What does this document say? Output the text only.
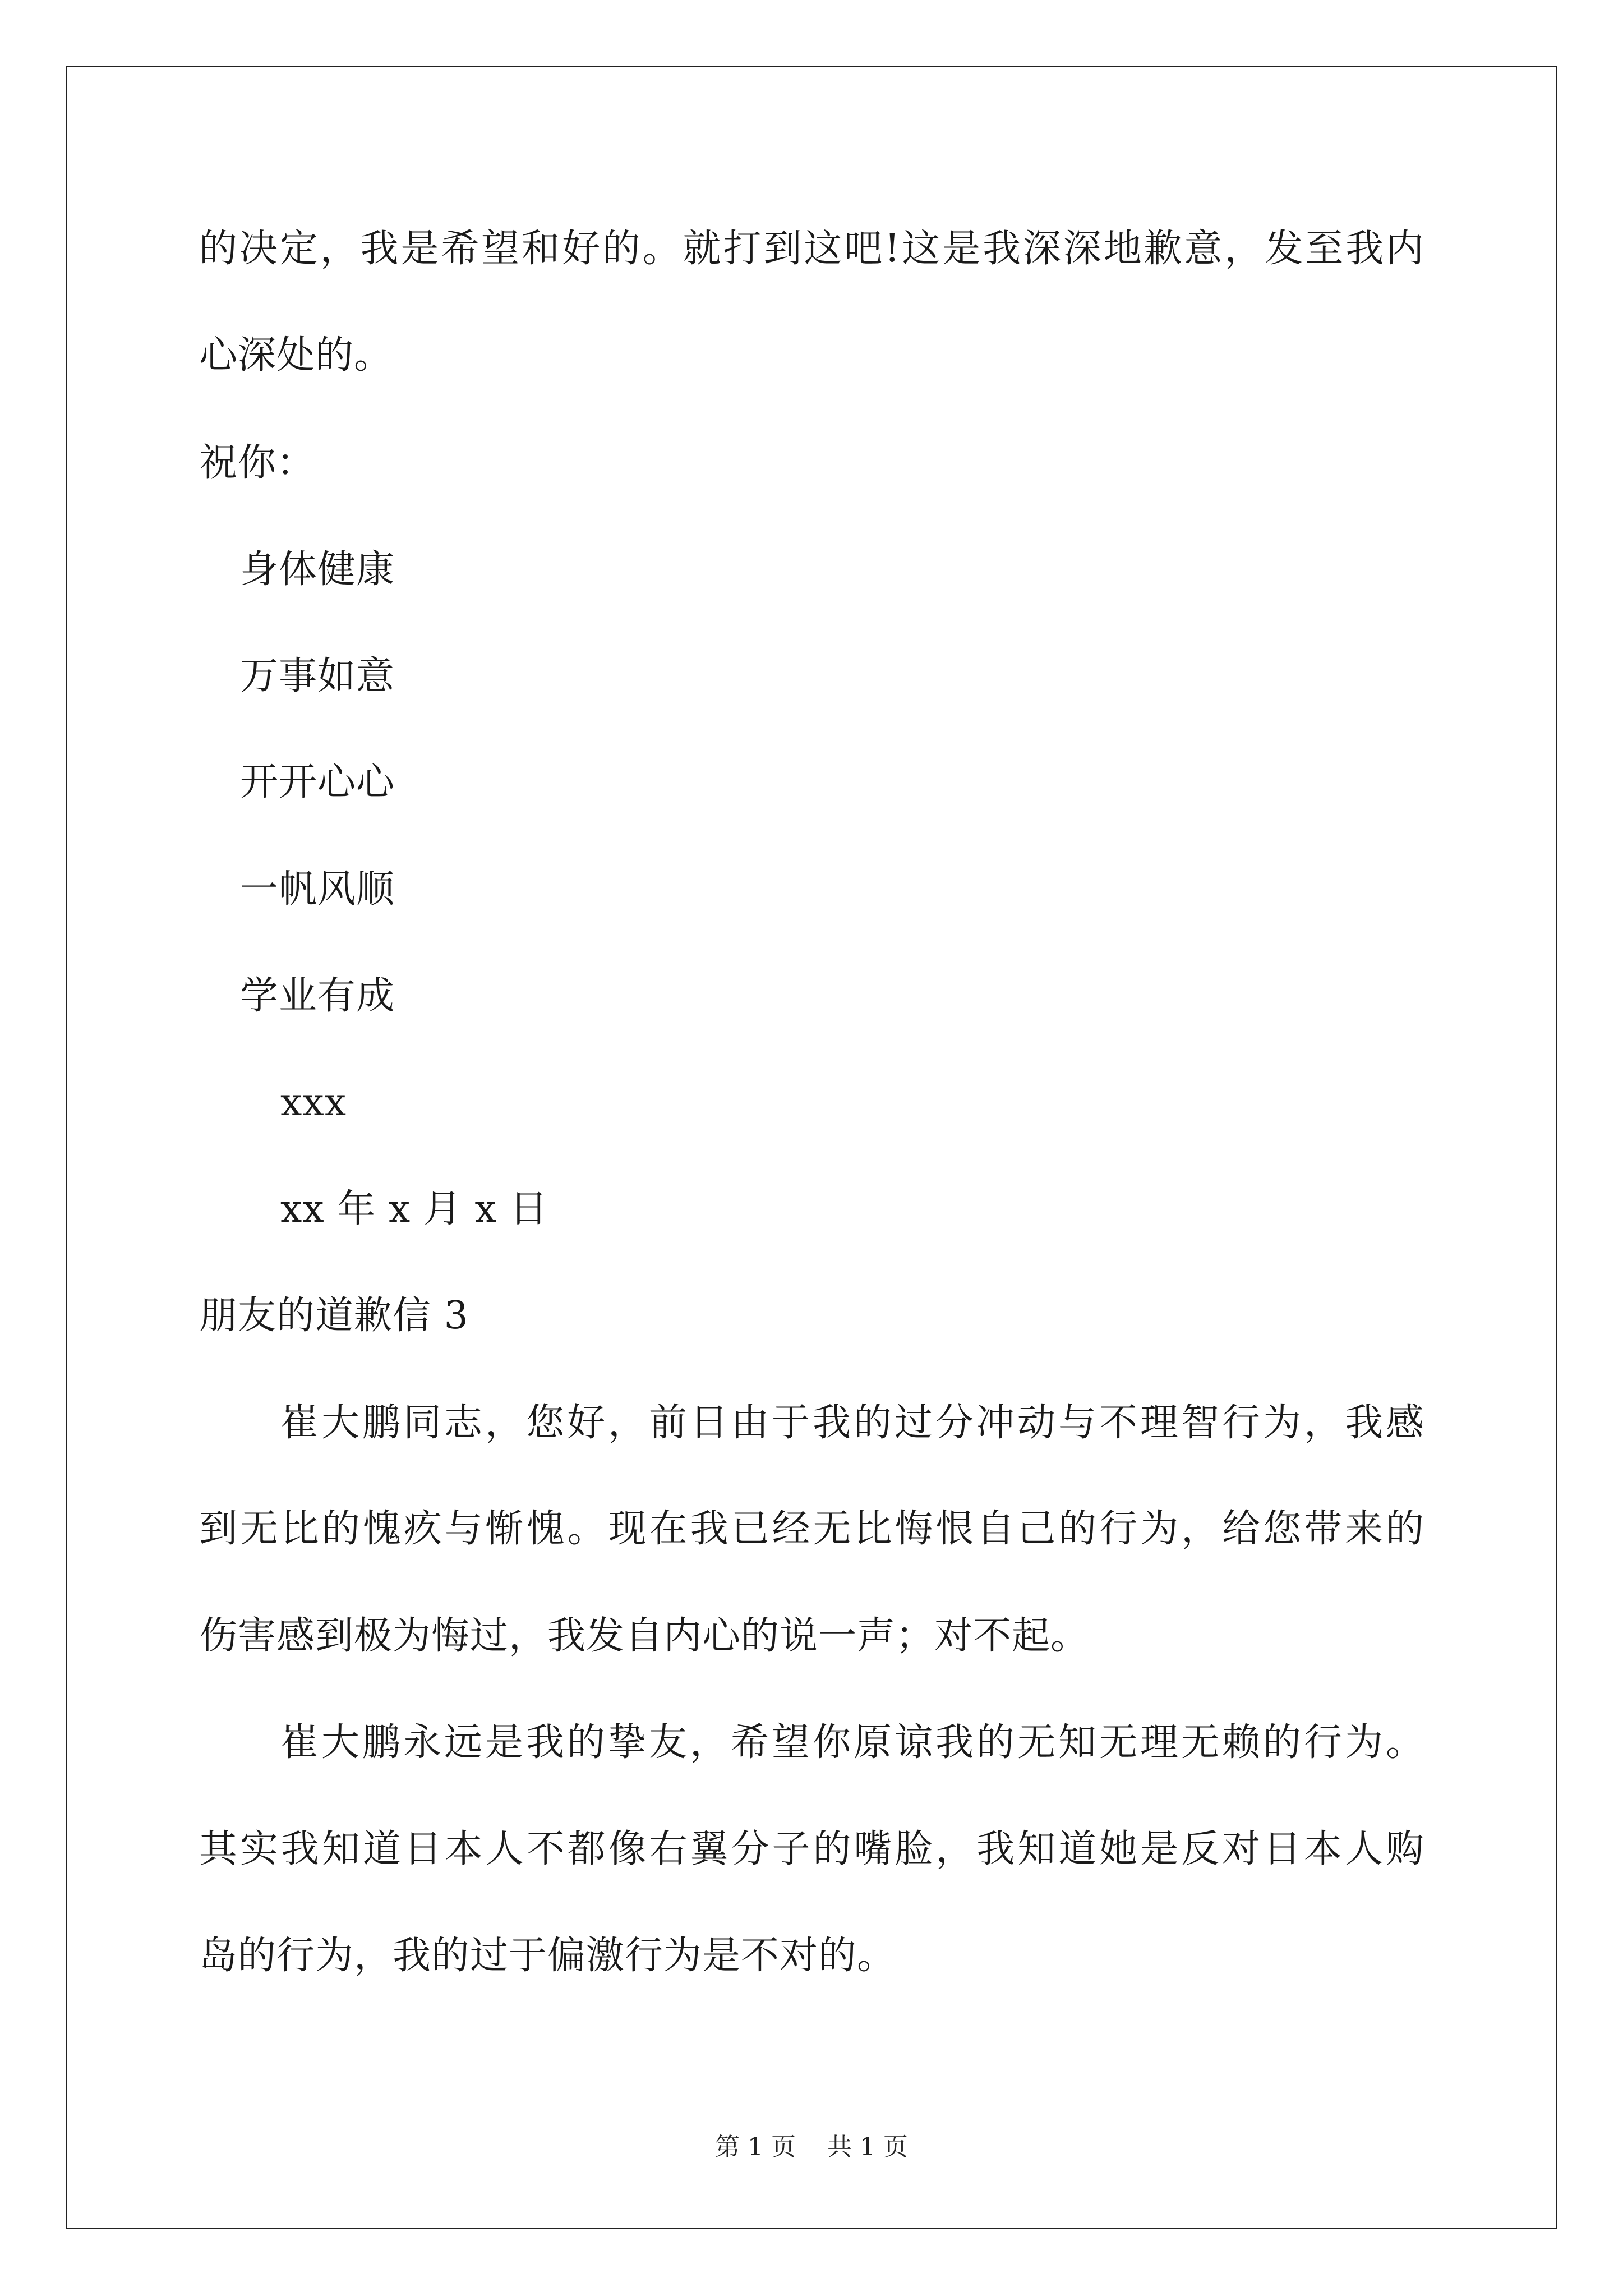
的决定，我是希望和好的。就打到这吧!这是我深深地歉意，发至我内
心深处的。
祝你：
身体健康
万事如意
开开心心
一帆风顺
学业有成
xxx
xx 年 x 月 x 日
朋友的道歉信 3
崔大鹏同志，您好，前日由于我的过分冲动与不理智行为，我感
到无比的愧疚与惭愧。现在我已经无比悔恨自己的行为，给您带来的
伤害感到极为悔过，我发自内心的说一声；对不起。
崔大鹏永远是我的挚友，希望你原谅我的无知无理无赖的行为。
其实我知道日本人不都像右翼分子的嘴脸，我知道她是反对日本人购
岛的行为，我的过于偏激行为是不对的。
第 1 页 共 1 页
